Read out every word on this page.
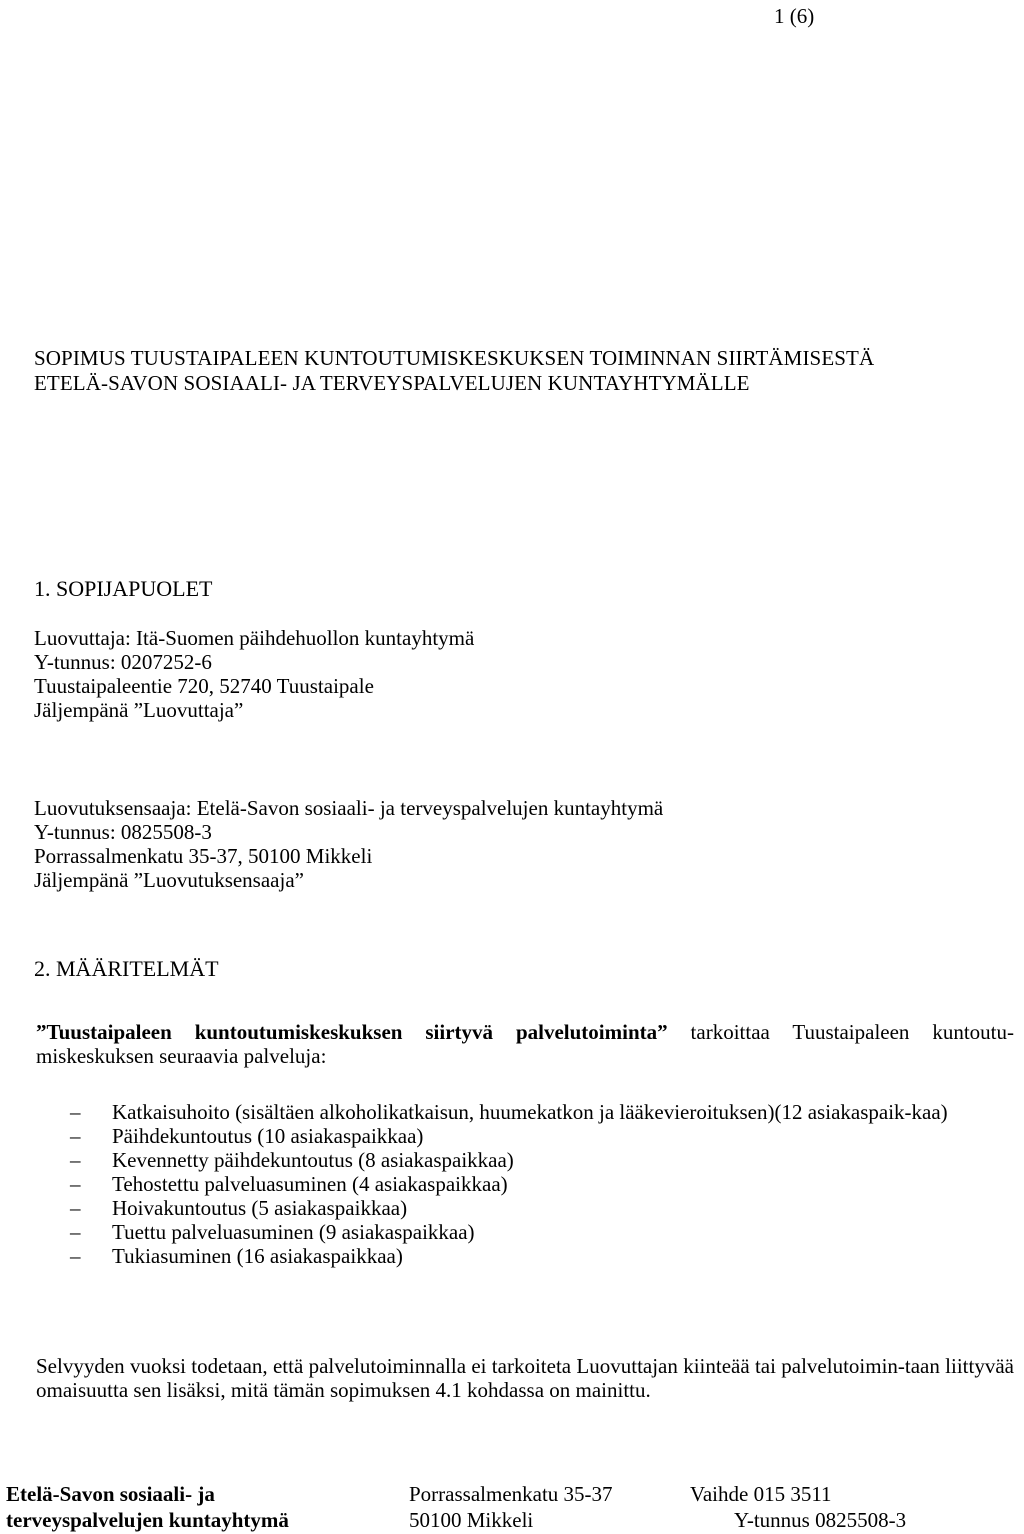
1 (6)
SOPIMUS TUUSTAIPALEEN KUNTOUTUMISKESKUKSEN TOIMINNAN SIIRTÄMISESTÄ
ETELÄ-SAVON SOSIAALI- JA TERVEYSPALVELUJEN KUNTAYHTYMÄLLE
1. SOPIJAPUOLET
Luovuttaja: Itä-Suomen päihdehuollon kuntayhtymä
Y-tunnus: 0207252-6
Tuustaipaleentie 720, 52740 Tuustaipale
Jäljempänä ”Luovuttaja”
Luovutuksensaaja: Etelä-Savon sosiaali- ja terveyspalvelujen kuntayhtymä
Y-tunnus: 0825508-3
Porrassalmenkatu 35-37, 50100 Mikkeli
Jäljempänä ”Luovutuksensaaja”
2. MÄÄRITELMÄT
”Tuustaipaleen kuntoutumiskeskuksen siirtyvä palvelutoiminta” tarkoittaa Tuustaipaleen kuntoutu-miskeskuksen seuraavia palveluja:
– Katkaisuhoito (sisältäen alkoholikatkaisun, huumekatkon ja lääkevieroituksen)(12 asiakaspaik-kaa)
– Päihdekuntoutus (10 asiakaspaikkaa)
– Kevennetty päihdekuntoutus (8 asiakaspaikkaa)
– Tehostettu palveluasuminen (4 asiakaspaikkaa)
– Hoivakuntoutus (5 asiakaspaikkaa)
– Tuettu palveluasuminen (9 asiakaspaikkaa)
– Tukiasuminen (16 asiakaspaikkaa)
Selvyyden vuoksi todetaan, että palvelutoiminnalla ei tarkoiteta Luovuttajan kiinteää tai palvelutoimin-taan liittyvää omaisuutta sen lisäksi, mitä tämän sopimuksen 4.1 kohdassa on mainittu.
Etelä-Savon sosiaali- ja
terveyspalvelujen kuntayhtymä
Porrassalmenkatu 35-37
50100 Mikkeli
Vaihde 015 3511
Y-tunnus 0825508-3
